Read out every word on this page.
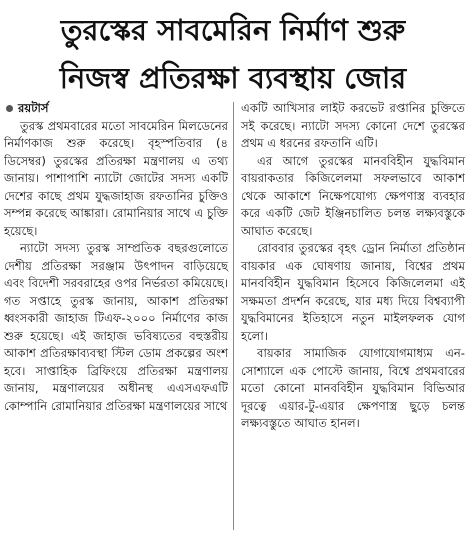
তুরস্কের সাবমেরিন নির্মাণ শুরু
নিজস্ব প্রতিরক্ষা ব্যবস্থায় জোর

রয়টার্স

তুরস্ক প্রথমবারের মতো সাবমেরিন মিলডেনের নির্মাণকাজ শুরু করেছে। বৃহস্পতিবার (৪ ডিসেম্বর) তুরস্কের প্রতিরক্ষা মন্ত্রণালয় এ তথ্য জানায়। পাশাপাশি ন্যাটো জোটের সদস্য একটি দেশের কাছে প্রথম যুদ্ধজাহাজ রফতানির চুক্তিও সম্পন্ন করেছে আঙ্কারা। রোমানিয়ার সাথে এ চুক্তি হয়েছে।

ন্যাটো সদস্য তুরস্ক সাম্প্রতিক বছরগুলোতে দেশীয় প্রতিরক্ষা সরঞ্জাম উৎপাদন বাড়িয়েছে এবং বিদেশী সরবরাহের ওপর নির্ভরতা কমিয়েছে। গত সপ্তাহে তুরস্ক জানায়, আকাশ প্রতিরক্ষা ধ্বংসকারী জাহাজ টিএফ-২০০০ নির্মাণের কাজ শুরু হয়েছে। এই জাহাজ ভবিষ্যতের বহুস্তরীয় আকাশ প্রতিরক্ষাব্যবস্থা স্টিল ডোম প্রকল্পের অংশ হবে। সাপ্তাহিক ব্রিফিংয়ে প্রতিরক্ষা মন্ত্রণালয় জানায়, মন্ত্রণালয়ের অধীনস্থ এএসএফএটি কোম্পানি রোমানিয়ার প্রতিরক্ষা মন্ত্রণালয়ের সাথে

একটি আখিসার লাইট করভেট রপ্তানির চুক্তিতে সই করেছে। ন্যাটো সদস্য কোনো দেশে তুরস্কের প্রথম এ ধরনের রফতানি এটি।

এর আগে তুরস্কের মানববিহীন যুদ্ধবিমান বায়রাকতার কিজিলেলমা সফলভাবে আকাশ থেকে আকাশে নিক্ষেপযোগ্য ক্ষেপণাস্ত্র ব্যবহার করে একটি জেট ইঞ্জিনচালিত চলন্ত লক্ষ্যবস্তুকে আঘাত করেছে।

রোববার তুরস্কের বৃহৎ ড্রোন নির্মাতা প্রতিষ্ঠান বায়কার এক ঘোষণায় জানায়, বিশ্বের প্রথম মানববিহীন যুদ্ধবিমান হিসেবে কিজিলেলমা এই সক্ষমতা প্রদর্শন করেছে, যার মধ্য দিয়ে বিশ্বব্যাপী যুদ্ধবিমানের ইতিহাসে নতুন মাইলফলক যোগ হলো।

বায়কার সামাজিক যোগাযোগমাধ্যম এন-সোশ্যালে এক পোস্টে জানায়, বিশ্বে প্রথমবারের মতো কোনো মানববিহীন যুদ্ধবিমান বিভিআর দূরত্বে এয়ার-টু-এয়ার ক্ষেপণাস্ত্র ছুড়ে চলন্ত লক্ষ্যবস্তুতে আঘাত হানল।
